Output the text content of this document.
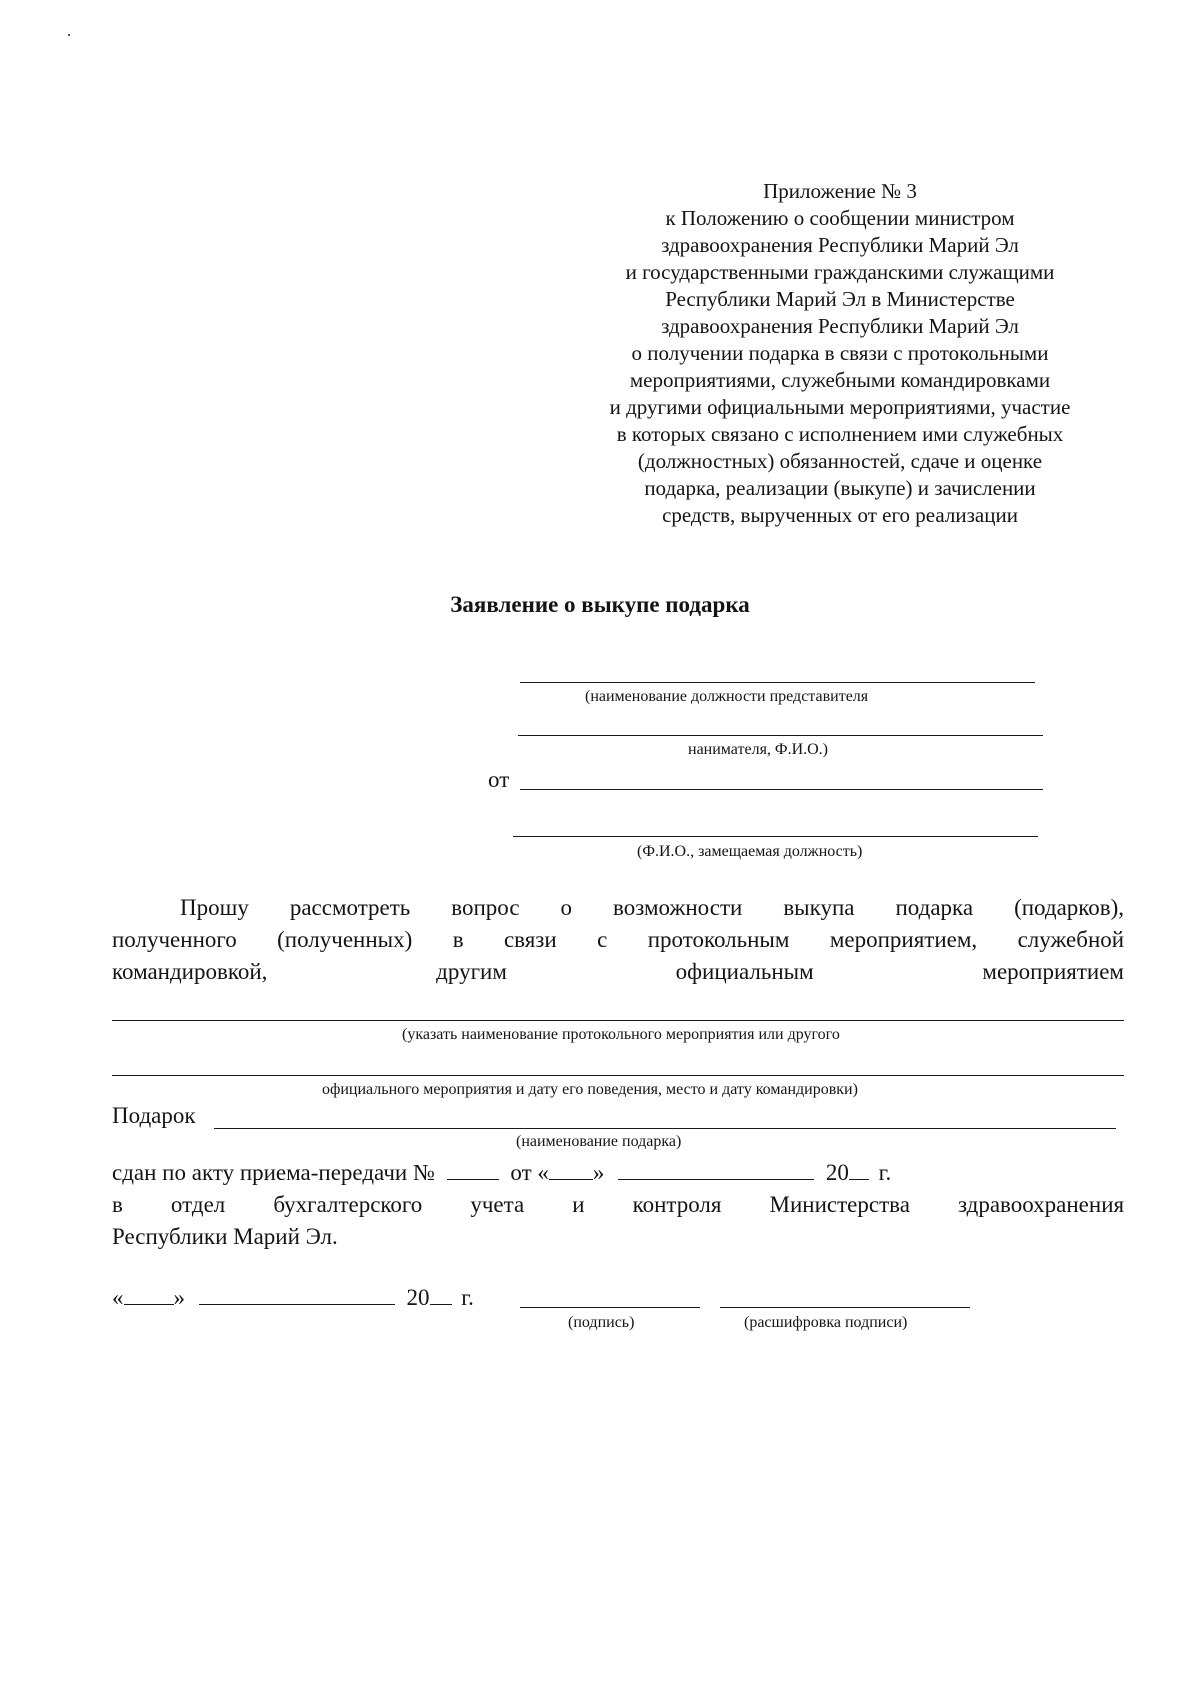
Приложение № 3
к Положению о сообщении министром
здравоохранения Республики Марий Эл
и государственными гражданскими служащими
Республики Марий Эл в Министерстве
здравоохранения Республики Марий Эл
о получении подарка в связи с протокольными
мероприятиями, служебными командировками
и другими официальными мероприятиями, участие
в которых связано с исполнением ими служебных
(должностных) обязанностей, сдаче и оценке
подарка, реализации (выкупе) и зачислении
средств, вырученных от его реализации
Заявление о выкупе подарка
(наименование должности представителя
нанимателя, Ф.И.О.)
от
(Ф.И.О., замещаемая должность)
Прошу рассмотреть вопрос о возможности выкупа подарка (подарков),
полученного (полученных) в связи с протокольным мероприятием, служебной
командировкой,	другим	официальным	мероприятием
(указать наименование протокольного мероприятия или другого
официального мероприятия и дату его поведения, место и дату командировки)
Подарок
(наименование подарка)
сдан по акту приема-передачи №	от « »	20 г.
в отдел бухгалтерского учета и контроля Министерства здравоохранения
Республики Марий Эл.
« »	20 г.
(подпись)	(расшифровка подписи)
